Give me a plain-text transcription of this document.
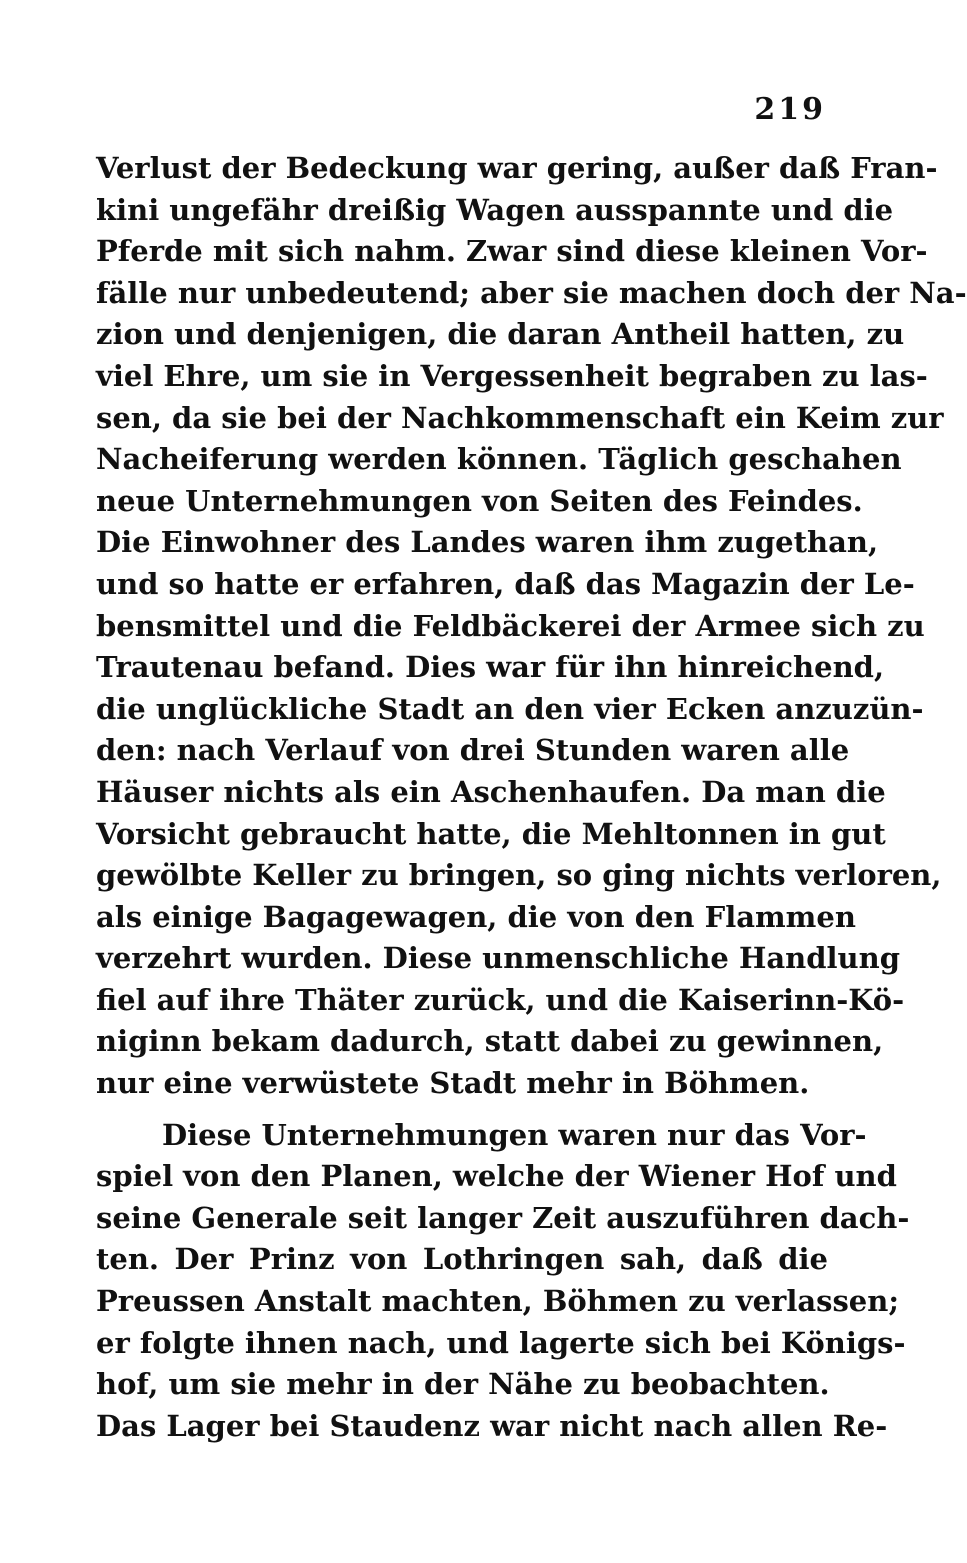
219
Verlust der Bedeckung war gering, außer daß Fran-
kini ungefähr dreißig Wagen ausspannte und die
Pferde mit sich nahm. Zwar sind diese kleinen Vor-
fälle nur unbedeutend; aber sie machen doch der Na-
zion und denjenigen, die daran Antheil hatten, zu
viel Ehre, um sie in Vergessenheit begraben zu las-
sen, da sie bei der Nachkommenschaft ein Keim zur
Nacheiferung werden können. Täglich geschahen
neue Unternehmungen von Seiten des Feindes.
Die Einwohner des Landes waren ihm zugethan,
und so hatte er erfahren, daß das Magazin der Le-
bensmittel und die Feldbäckerei der Armee sich zu
Trautenau befand. Dies war für ihn hinreichend,
die unglückliche Stadt an den vier Ecken anzuzün-
den: nach Verlauf von drei Stunden waren alle
Häuser nichts als ein Aschenhaufen. Da man die
Vorsicht gebraucht hatte, die Mehltonnen in gut
gewölbte Keller zu bringen, so ging nichts verloren,
als einige Bagagewagen, die von den Flammen
verzehrt wurden. Diese unmenschliche Handlung
fiel auf ihre Thäter zurück, und die Kaiserinn-Kö-
niginn bekam dadurch, statt dabei zu gewinnen,
nur eine verwüstete Stadt mehr in Böhmen.
Diese Unternehmungen waren nur das Vor-
spiel von den Planen, welche der Wiener Hof und
seine Generale seit langer Zeit auszuführen dach-
ten. Der Prinz von Lothringen sah, daß die
Preussen Anstalt machten, Böhmen zu verlassen;
er folgte ihnen nach, und lagerte sich bei Königs-
hof, um sie mehr in der Nähe zu beobachten.
Das Lager bei Staudenz war nicht nach allen Re-
